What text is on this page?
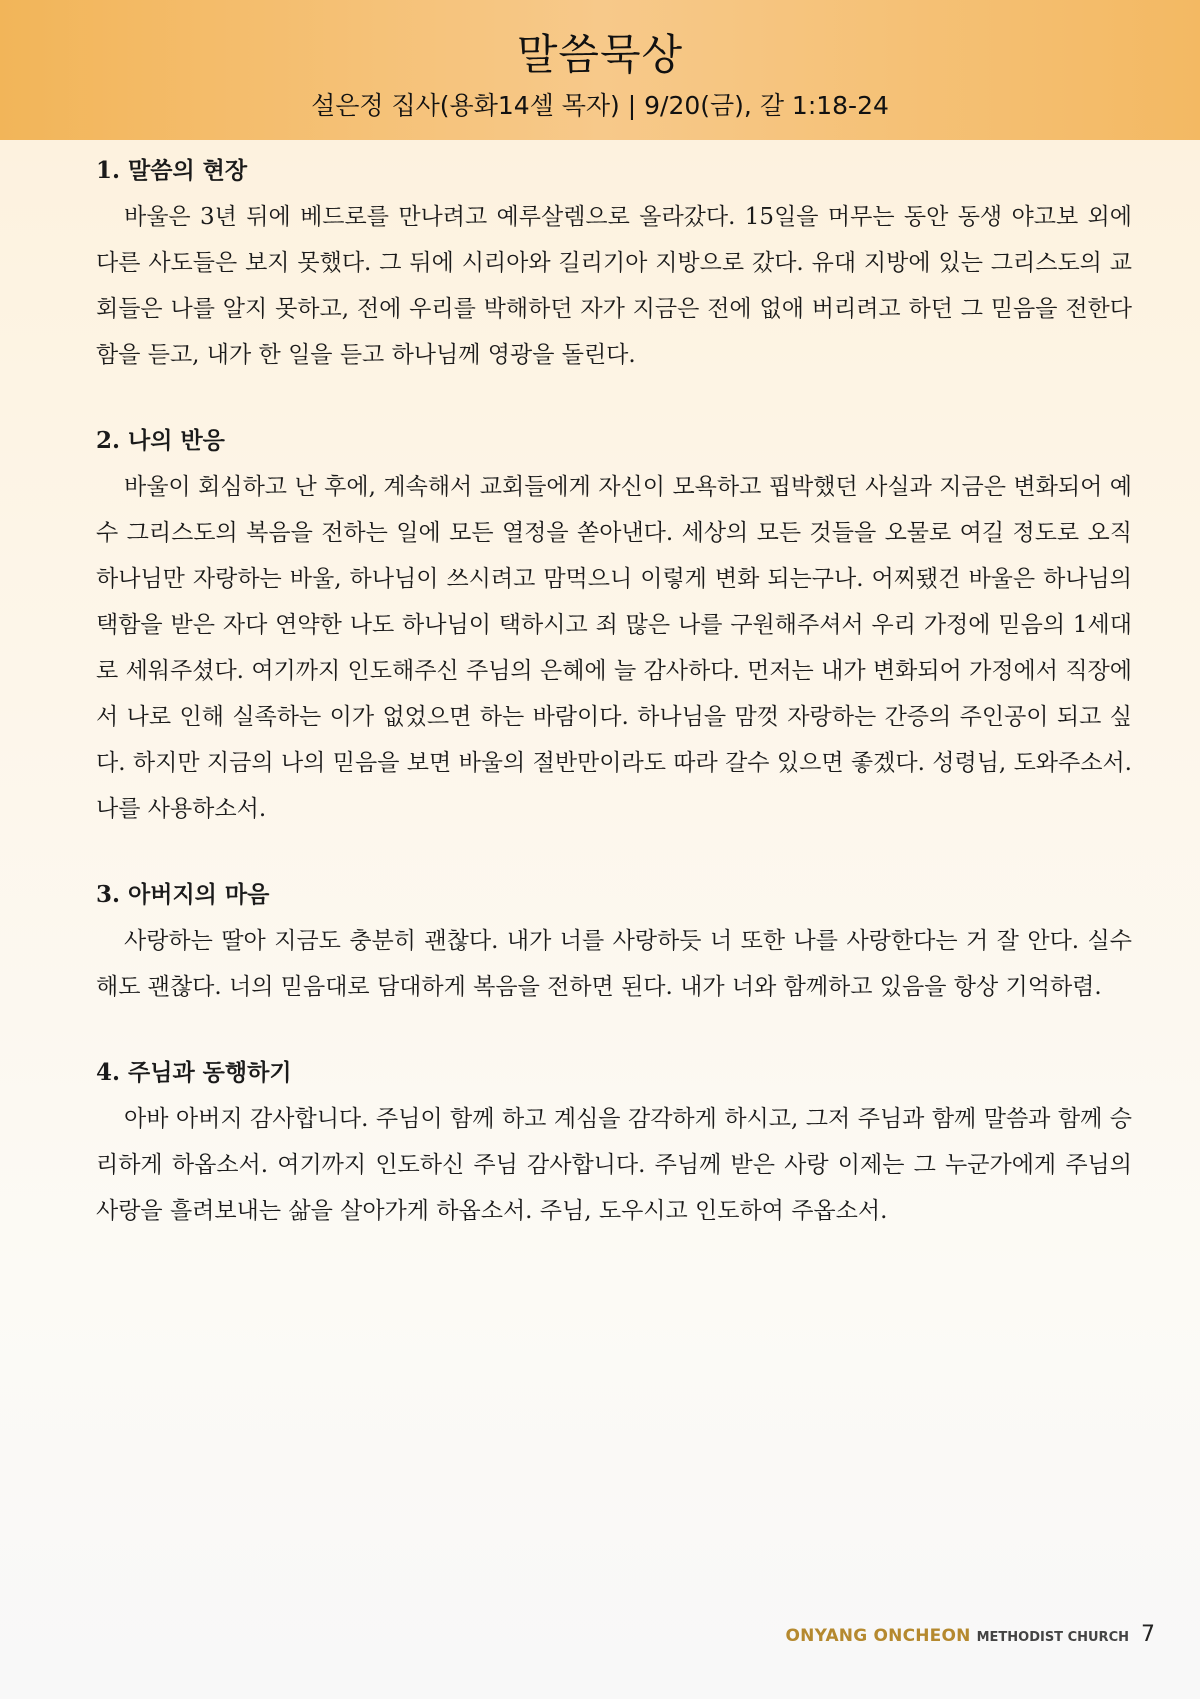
말씀묵상
설은정 집사(용화14셀 목자) | 9/20(금), 갈 1:18-24

1. 말씀의 현장

바울은 3년 뒤에 베드로를 만나려고 예루살렘으로 올라갔다. 15일을 머무는 동안 동생 야고보 외에 다른 사도들은 보지 못했다. 그 뒤에 시리아와 길리기아 지방으로 갔다. 유대 지방에 있는 그리스도의 교회들은 나를 알지 못하고, 전에 우리를 박해하던 자가 지금은 전에 없애 버리려고 하던 그 믿음을 전한다 함을 듣고, 내가 한 일을 듣고 하나님께 영광을 돌린다.

2. 나의 반응

바울이 회심하고 난 후에, 계속해서 교회들에게 자신이 모욕하고 핍박했던 사실과 지금은 변화되어 예수 그리스도의 복음을 전하는 일에 모든 열정을 쏟아낸다. 세상의 모든 것들을 오물로 여길 정도로 오직 하나님만 자랑하는 바울, 하나님이 쓰시려고 맘먹으니 이렇게 변화 되는구나. 어찌됐건 바울은 하나님의 택함을 받은 자다 연약한 나도 하나님이 택하시고 죄 많은 나를 구원해주셔서 우리 가정에 믿음의 1세대로 세워주셨다. 여기까지 인도해주신 주님의 은혜에 늘 감사하다. 먼저는 내가 변화되어 가정에서 직장에서 나로 인해 실족하는 이가 없었으면 하는 바람이다. 하나님을 맘껏 자랑하는 간증의 주인공이 되고 싶다. 하지만 지금의 나의 믿음을 보면 바울의 절반만이라도 따라 갈수 있으면 좋겠다. 성령님, 도와주소서. 나를 사용하소서.

3. 아버지의 마음

사랑하는 딸아 지금도 충분히 괜찮다. 내가 너를 사랑하듯 너 또한 나를 사랑한다는 거 잘 안다. 실수해도 괜찮다. 너의 믿음대로 담대하게 복음을 전하면 된다. 내가 너와 함께하고 있음을 항상 기억하렴.

4. 주님과 동행하기

아바 아버지 감사합니다. 주님이 함께 하고 계심을 감각하게 하시고, 그저 주님과 함께 말씀과 함께 승리하게 하옵소서. 여기까지 인도하신 주님 감사합니다. 주님께 받은 사랑 이제는 그 누군가에게 주님의 사랑을 흘려보내는 삶을 살아가게 하옵소서. 주님, 도우시고 인도하여 주옵소서.

ONYANG ONCHEON METHODIST CHURCH 7
